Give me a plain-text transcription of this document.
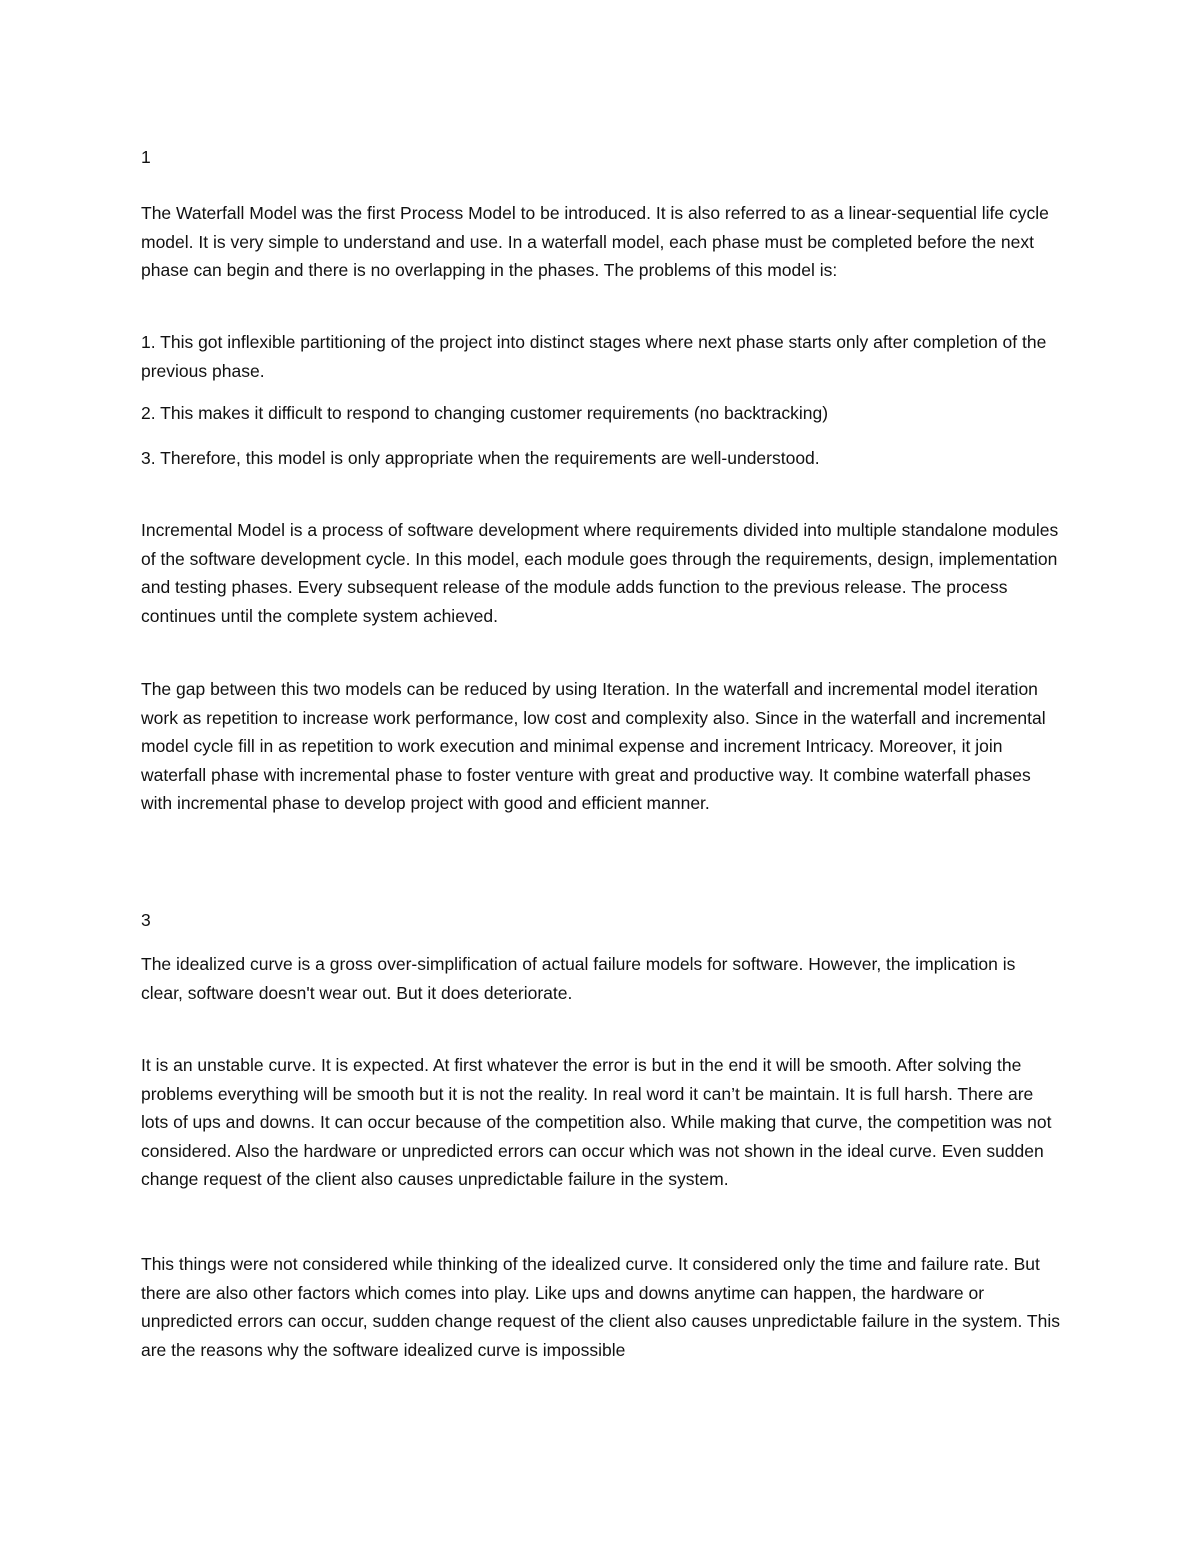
1

The Waterfall Model was the first Process Model to be introduced. It is also referred to as a linear-sequential life cycle model. It is very simple to understand and use. In a waterfall model, each phase must be completed before the next phase can begin and there is no overlapping in the phases. The problems of this model is:

1. This got inflexible partitioning of the project into distinct stages where next phase starts only after completion of the previous phase.

2. This makes it difficult to respond to changing customer requirements (no backtracking)

3. Therefore, this model is only appropriate when the requirements are well-understood.

Incremental Model is a process of software development where requirements divided into multiple standalone modules of the software development cycle. In this model, each module goes through the requirements, design, implementation and testing phases. Every subsequent release of the module adds function to the previous release. The process continues until the complete system achieved.

The gap between this two models can be reduced by using Iteration. In the waterfall and incremental model iteration work as repetition to increase work performance, low cost and complexity also. Since in the waterfall and incremental model cycle fill in as repetition to work execution and minimal expense and increment Intricacy. Moreover, it join waterfall phase with incremental phase to foster venture with great and productive way. It combine waterfall phases with incremental phase to develop project with good and efficient manner.

3

The idealized curve is a gross over-simplification of actual failure models for software. However, the implication is clear, software doesn't wear out. But it does deteriorate.

It is an unstable curve. It is expected. At first whatever the error is but in the end it will be smooth. After solving the problems everything will be smooth but it is not the reality. In real word it can’t be maintain. It is full harsh. There are lots of ups and downs. It can occur because of the competition also. While making that curve, the competition was not considered. Also the hardware or unpredicted errors can occur which was not shown in the ideal curve. Even sudden change request of the client also causes unpredictable failure in the system.

This things were not considered while thinking of the idealized curve. It considered only the time and failure rate. But there are also other factors which comes into play. Like ups and downs anytime can happen, the hardware or unpredicted errors can occur, sudden change request of the client also causes unpredictable failure in the system. This are the reasons why the software idealized curve is impossible
